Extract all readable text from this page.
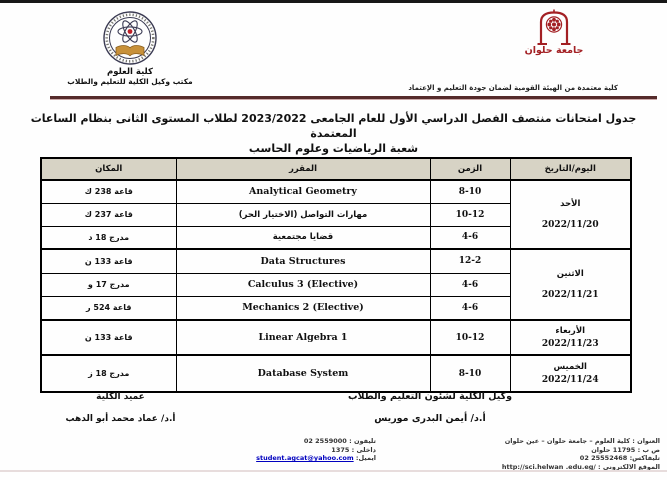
كلية العلوم
مكتب وكيل الكلية للتعليم والطلاب
جامعة حلوان
كلية معتمدة من الهيئة القومية لضمان جودة التعليم و الإعتماد
جدول امتحانات منتصف الفصل الدراسي الأول للعام الجامعى 2023/2022 لطلاب المستوى الثانى بنظام الساعات المعتمدة
شعبة الرياضيات وعلوم الحاسب
اليوم/التاريخ	الزمن	المقرر	المكان

الأحد
2022/11/20	8-10	Analytical Geometry	قاعة 238 ك
	10-12	مهارات التواصل (الاختيار الحر)	قاعة 237 ك
	4-6	قضايا مجتمعية	مدرج 18 د

الاثنين
2022/11/21	12-2	Data Structures	قاعة 133 ن
	4-6	Calculus 3 (Elective)	مدرج 17 و
	4-6	Mechanics 2 (Elective)	قاعة 524 ر

الأربعاء
2022/11/23	10-12	Linear Algebra 1	قاعة 133 ن

الخميس
2022/11/24	8-10	Database System	مدرج 18 ز
وكيل الكلية لشئون التعليم والطلاب
أ.د/ أيمن البدرى موريس
عميد الكلية
أ.د/ عماد محمد أبو الدهب
العنوان : كلية العلوم – جامعة حلوان – عين حلوان
ص ب : 11795 حلوان
تليفاكس: 02 25552468
الموقع الالكترونى : http://sci.helwan .edu.eg/
تليفون : 02 2559000
داخلى : 1375
ايميل: student.agcat@yahoo.com
